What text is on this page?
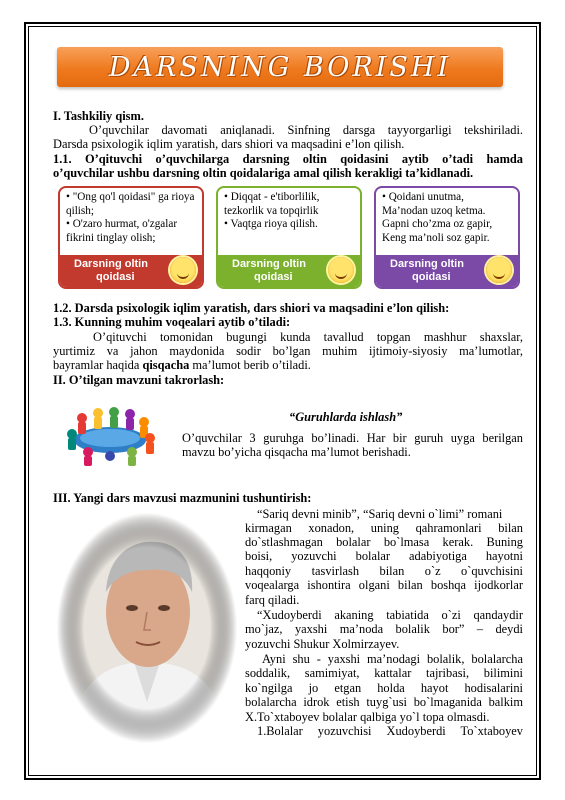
DARSNING BORISHI
I. Tashkiliy qism.
O’quvchilar davomati aniqlanadi. Sinfning darsga tayyorgarligi tekshiriladi.
Darsda psixologik iqlim yaratish, dars shiori va maqsadini e’lon qilish.
1.1. O’qituvchi o’quvchilarga darsning oltin qoidasini aytib o’tadi hamda
o’quvchilar ushbu darsning oltin qoidalariga amal qilish kerakligi ta’kidlanadi.
• "Ong qo'l qoidasi" ga rioya qilish;
• O'zaro hurmat, o'zgalar fikrini tinglay olish;
Darsning oltin
qoidasi
• Diqqat - e'tiborlilik, tezkorlik va topqirlik
• Vaqtga rioya qilish.
Darsning oltin
qoidasi
• Qoidani unutma, Ma’nodan uzoq ketma. Gapni cho’zma oz gapir, Keng ma’noli soz gapir.
Darsning oltin
qoidasi
1.2. Darsda psixologik iqlim yaratish, dars shiori va maqsadini e’lon qilish:
1.3. Kunning muhim voqealari aytib o’tiladi:
O’qituvchi tomonidan bugungi kunda tavallud topgan mashhur shaxslar,
yurtimiz va jahon maydonida sodir bo’lgan muhim ijtimoiy-siyosiy ma’lumotlar,
bayramlar haqida qisqacha ma’lumot berib o’tiladi.
II. O’tilgan mavzuni takrorlash:
“Guruhlarda ishlash”
O’quvchilar 3 guruhga bo’linadi. Har bir guruh uyga berilgan
mavzu bo’yicha qisqacha ma’lumot berishadi.
III. Yangi dars mavzusi mazmunini tushuntirish:
“Sariq devni minib”, “Sariq devni o`limi” romani
kirmagan xonadon, uning qahramonlari bilan
do`stlashmagan bolalar bo`lmasa kerak. Buning
boisi, yozuvchi bolalar adabiyotiga hayotni
haqqoniy tasvirlash bilan o`z o`quvchisini
voqealarga ishontira olgani bilan boshqa ijodkorlar
farq qiladi.
“Xudoyberdi akaning tabiatida o`zi qandaydir
mo`jaz, yaxshi ma’noda bolalik bor” – deydi
yozuvchi Shukur Xolmirzayev.
Ayni shu - yaxshi ma’nodagi bolalik, bolalarcha
soddalik, samimiyat, kattalar tajribasi, bilimini
ko`ngilga jo etgan holda hayot hodisalarini
bolalarcha idrok etish tuyg`usi bo`lmaganida balkim
X.To`xtaboyev bolalar qalbiga yo`l topa olmasdi.
1.Bolalar yozuvchisi Xudoyberdi To`xtaboyev
